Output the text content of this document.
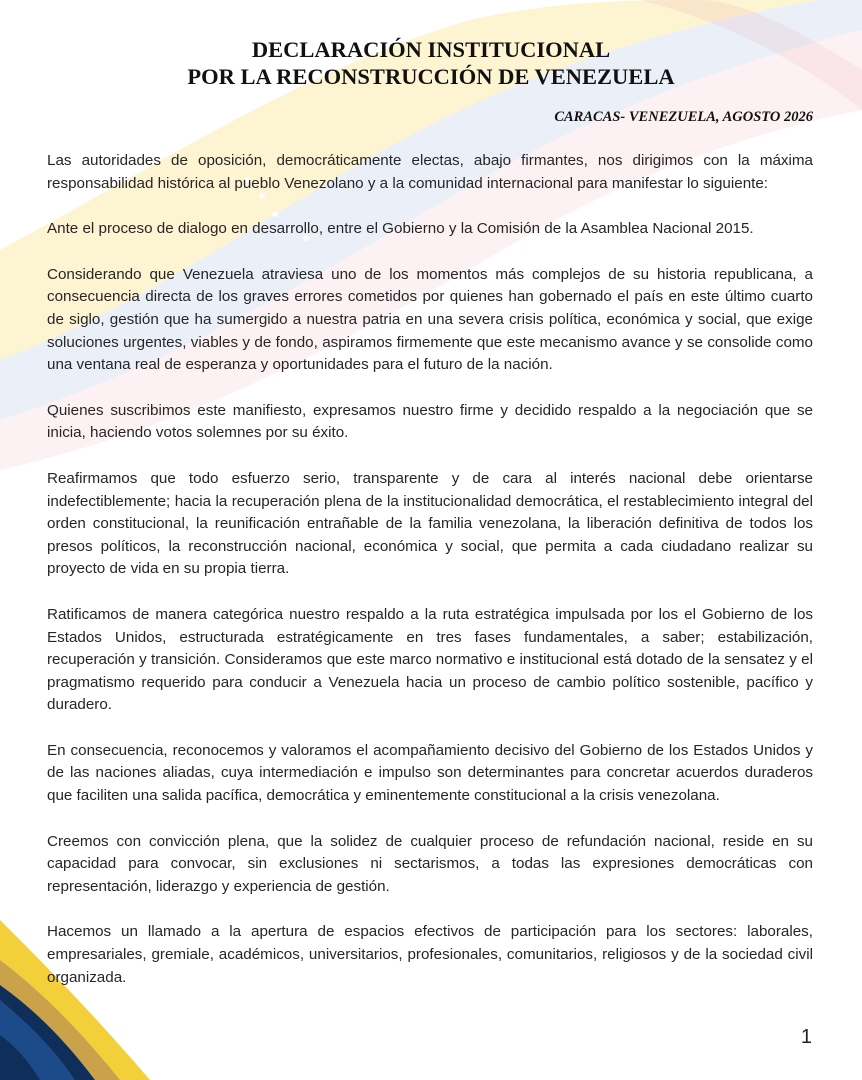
DECLARACIÓN INSTITUCIONAL
POR LA RECONSTRUCCIÓN DE VENEZUELA
CARACAS- VENEZUELA, AGOSTO 2026

Las autoridades de oposición, democráticamente electas, abajo firmantes, nos dirigimos con la máxima responsabilidad histórica al pueblo Venezolano y a la comunidad internacional para manifestar lo siguiente:

Ante el proceso de dialogo en desarrollo, entre el Gobierno y la Comisión de la Asamblea Nacional 2015.

Considerando que Venezuela atraviesa uno de los momentos más complejos de su historia republicana, a consecuencia directa de los graves errores cometidos por quienes han gobernado el país en este último cuarto de siglo, gestión que ha sumergido a nuestra patria en una severa crisis política, económica y social, que exige soluciones urgentes, viables y de fondo, aspiramos firmemente que este mecanismo avance y se consolide como una ventana real de esperanza y oportunidades para el futuro de la nación.

Quienes suscribimos este manifiesto, expresamos nuestro firme y decidido respaldo a la negociación que se inicia, haciendo votos solemnes por su éxito.

Reafirmamos que todo esfuerzo serio, transparente y de cara al interés nacional debe orientarse indefectiblemente; hacia la recuperación plena de la institucionalidad democrática, el restablecimiento integral del orden constitucional, la reunificación entrañable de la familia venezolana, la liberación definitiva de todos los presos políticos, la reconstrucción nacional, económica y social, que permita a cada ciudadano realizar su proyecto de vida en su propia tierra.

Ratificamos de manera categórica nuestro respaldo a la ruta estratégica impulsada por los el Gobierno de los Estados Unidos, estructurada estratégicamente en tres fases fundamentales, a saber; estabilización, recuperación y transición. Consideramos que este marco normativo e institucional está dotado de la sensatez y el pragmatismo requerido para conducir a Venezuela hacia un proceso de cambio político sostenible, pacífico y duradero.

En consecuencia, reconocemos y valoramos el acompañamiento decisivo del Gobierno de los Estados Unidos y de las naciones aliadas, cuya intermediación e impulso son determinantes para concretar acuerdos duraderos que faciliten una salida pacífica, democrática y eminentemente constitucional a la crisis venezolana.

Creemos con convicción plena, que la solidez de cualquier proceso de refundación nacional, reside en su capacidad para convocar, sin exclusiones ni sectarismos, a todas las expresiones democráticas con representación, liderazgo y experiencia de gestión.

Hacemos un llamado a la apertura de espacios efectivos de participación para los sectores: laborales, empresariales, gremiale, académicos, universitarios, profesionales, comunitarios, religiosos y de la sociedad civil organizada.

1
